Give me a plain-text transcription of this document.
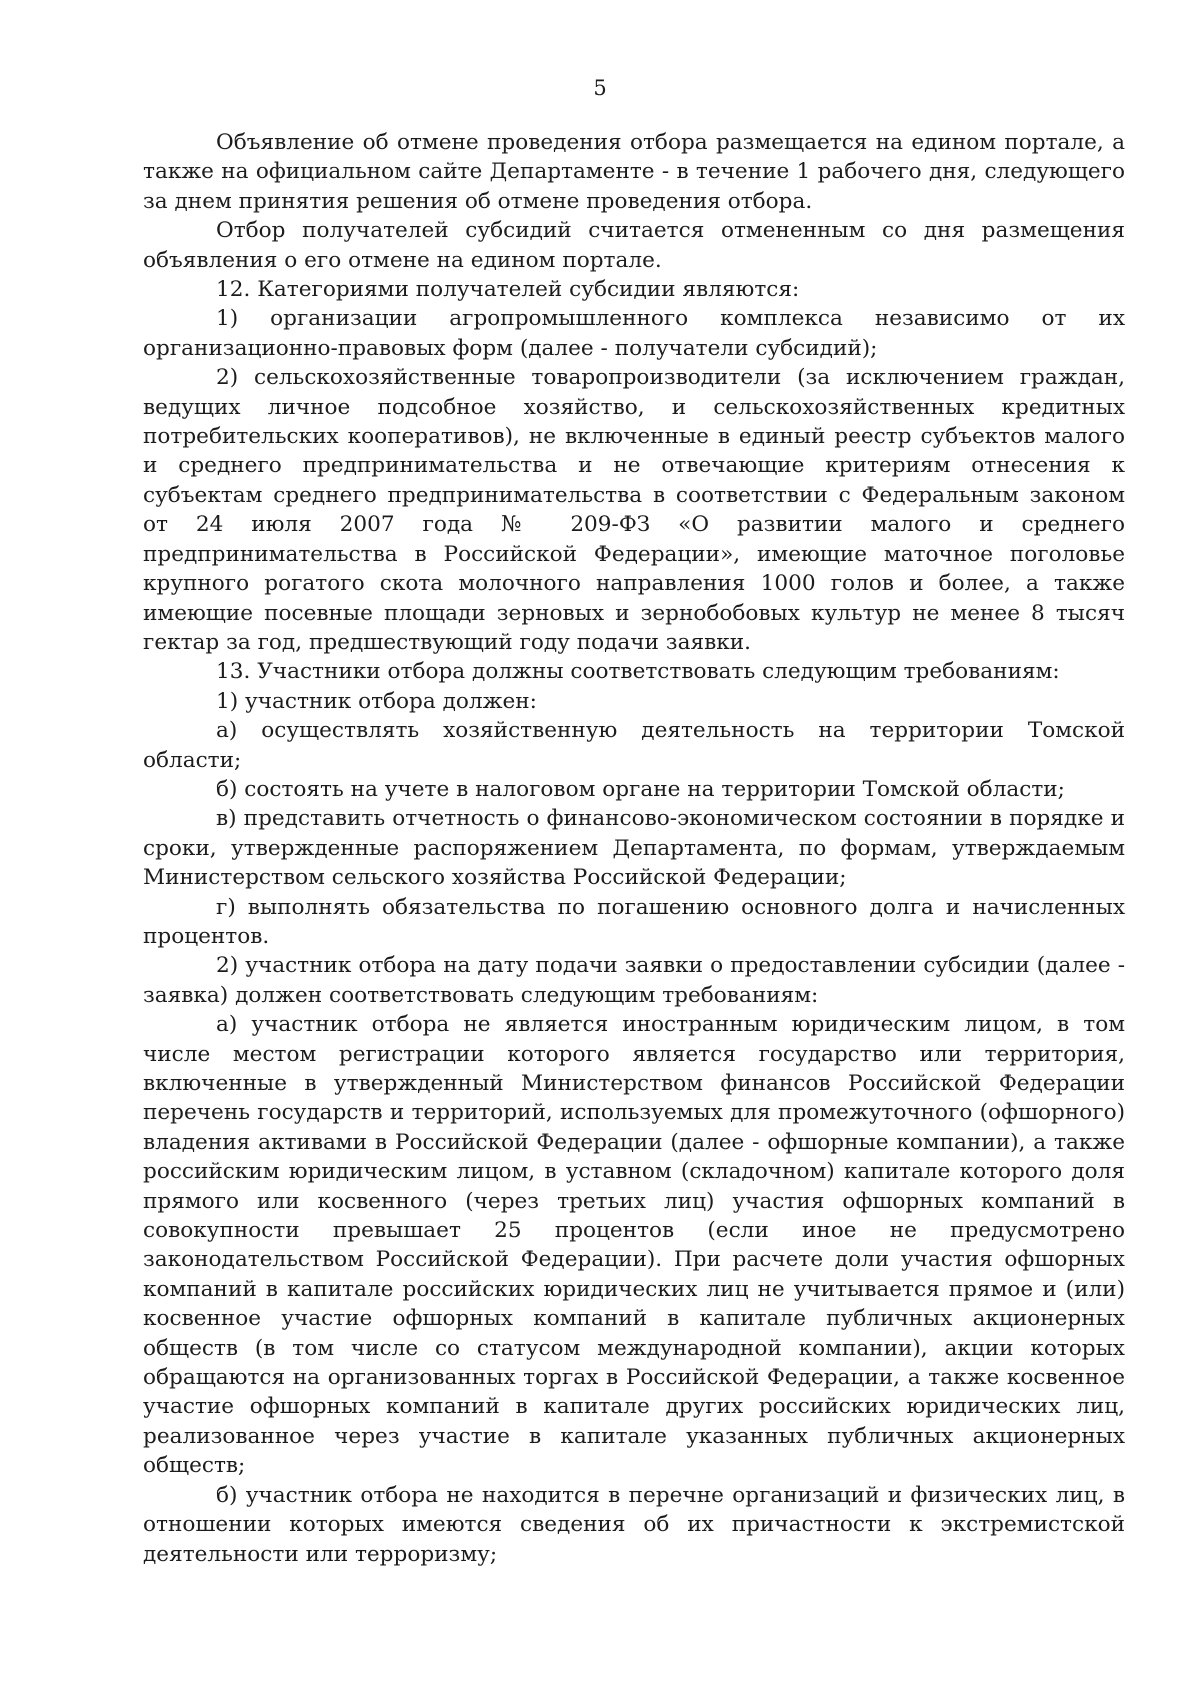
5

Объявление об отмене проведения отбора размещается на едином портале, а также на официальном сайте Департаменте - в течение 1 рабочего дня, следующего за днем принятия решения об отмене проведения отбора.

Отбор получателей субсидий считается отмененным со дня размещения объявления о его отмене на едином портале.

12. Категориями получателей субсидии являются:

1) организации агропромышленного комплекса независимо от их организационно-правовых форм (далее - получатели субсидий);

2) сельскохозяйственные товаропроизводители (за исключением граждан, ведущих личное подсобное хозяйство, и сельскохозяйственных кредитных потребительских кооперативов), не включенные в единый реестр субъектов малого и среднего предпринимательства и не отвечающие критериям отнесения к субъектам среднего предпринимательства в соответствии с Федеральным законом от 24 июля 2007 года № 209-ФЗ «О развитии малого и среднего предпринимательства в Российской Федерации», имеющие маточное поголовье крупного рогатого скота молочного направления 1000 голов и более, а также имеющие посевные площади зерновых и зернобобовых культур не менее 8 тысяч гектар за год, предшествующий году подачи заявки.

13. Участники отбора должны соответствовать следующим требованиям:

1) участник отбора должен:

а) осуществлять хозяйственную деятельность на территории Томской области;

б) состоять на учете в налоговом органе на территории Томской области;

в) представить отчетность о финансово-экономическом состоянии в порядке и сроки, утвержденные распоряжением Департамента, по формам, утверждаемым Министерством сельского хозяйства Российской Федерации;

г) выполнять обязательства по погашению основного долга и начисленных процентов.

2) участник отбора на дату подачи заявки о предоставлении субсидии (далее - заявка) должен соответствовать следующим требованиям:

а) участник отбора не является иностранным юридическим лицом, в том числе местом регистрации которого является государство или территория, включенные в утвержденный Министерством финансов Российской Федерации перечень государств и территорий, используемых для промежуточного (офшорного) владения активами в Российской Федерации (далее - офшорные компании), а также российским юридическим лицом, в уставном (складочном) капитале которого доля прямого или косвенного (через третьих лиц) участия офшорных компаний в совокупности превышает 25 процентов (если иное не предусмотрено законодательством Российской Федерации). При расчете доли участия офшорных компаний в капитале российских юридических лиц не учитывается прямое и (или) косвенное участие офшорных компаний в капитале публичных акционерных обществ (в том числе со статусом международной компании), акции которых обращаются на организованных торгах в Российской Федерации, а также косвенное участие офшорных компаний в капитале других российских юридических лиц, реализованное через участие в капитале указанных публичных акционерных обществ;

б) участник отбора не находится в перечне организаций и физических лиц, в отношении которых имеются сведения об их причастности к экстремистской деятельности или терроризму;
